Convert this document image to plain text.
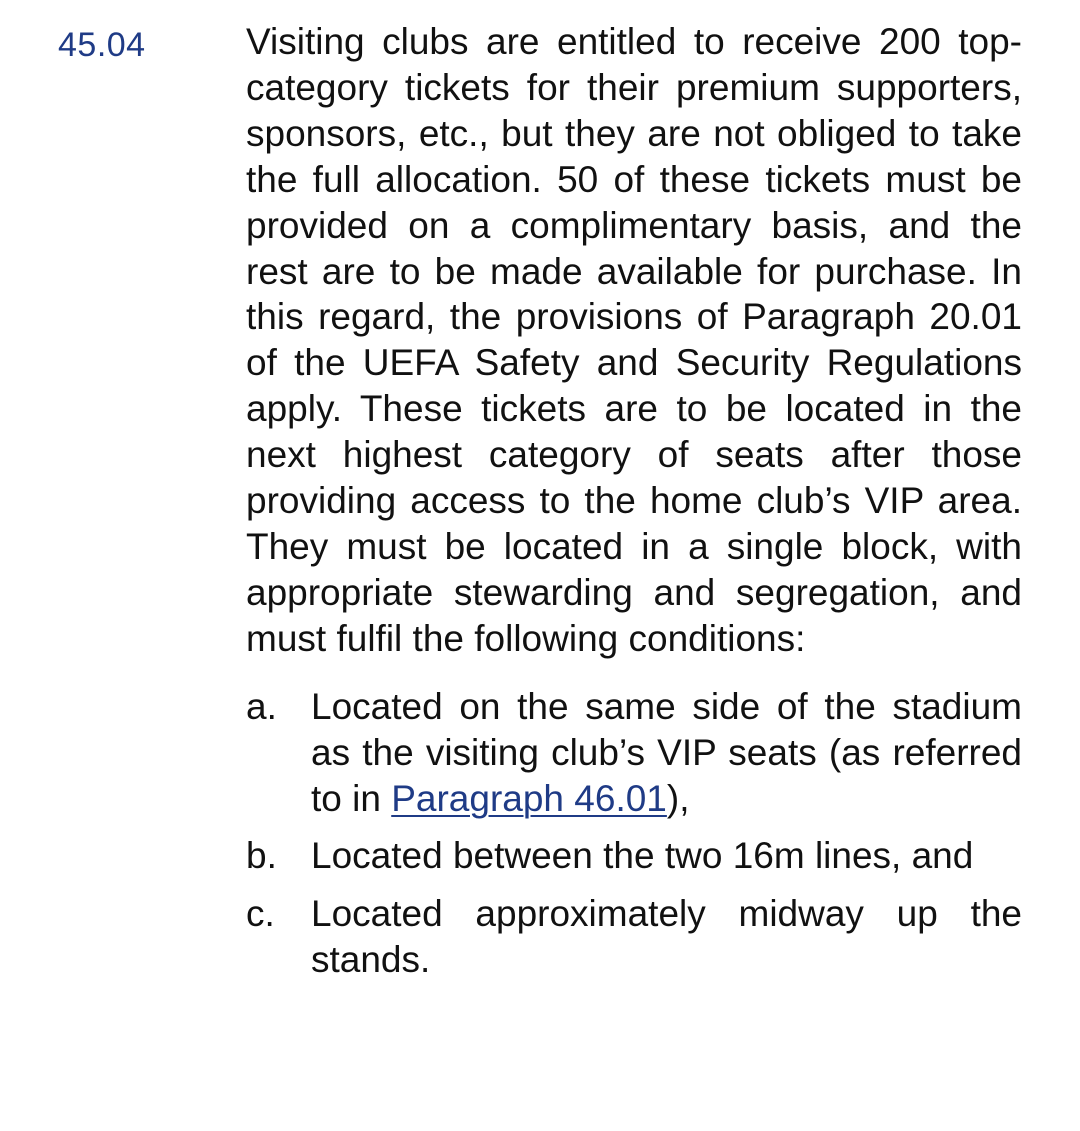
45.04	Visiting clubs are entitled to receive 200 top-category tickets for their premium supporters, sponsors, etc., but they are not obliged to take the full allocation. 50 of these tickets must be provided on a complimentary basis, and the rest are to be made available for purchase. In this regard, the provisions of Paragraph 20.01 of the UEFA Safety and Security Regulations apply. These tickets are to be located in the next highest category of seats after those providing access to the home club’s VIP area. They must be located in a single block, with appropriate stewarding and segregation, and must fulfil the following conditions:

a. Located on the same side of the stadium as the visiting club’s VIP seats (as referred to in Paragraph 46.01),
b. Located between the two 16m lines, and
c. Located approximately midway up the stands.
